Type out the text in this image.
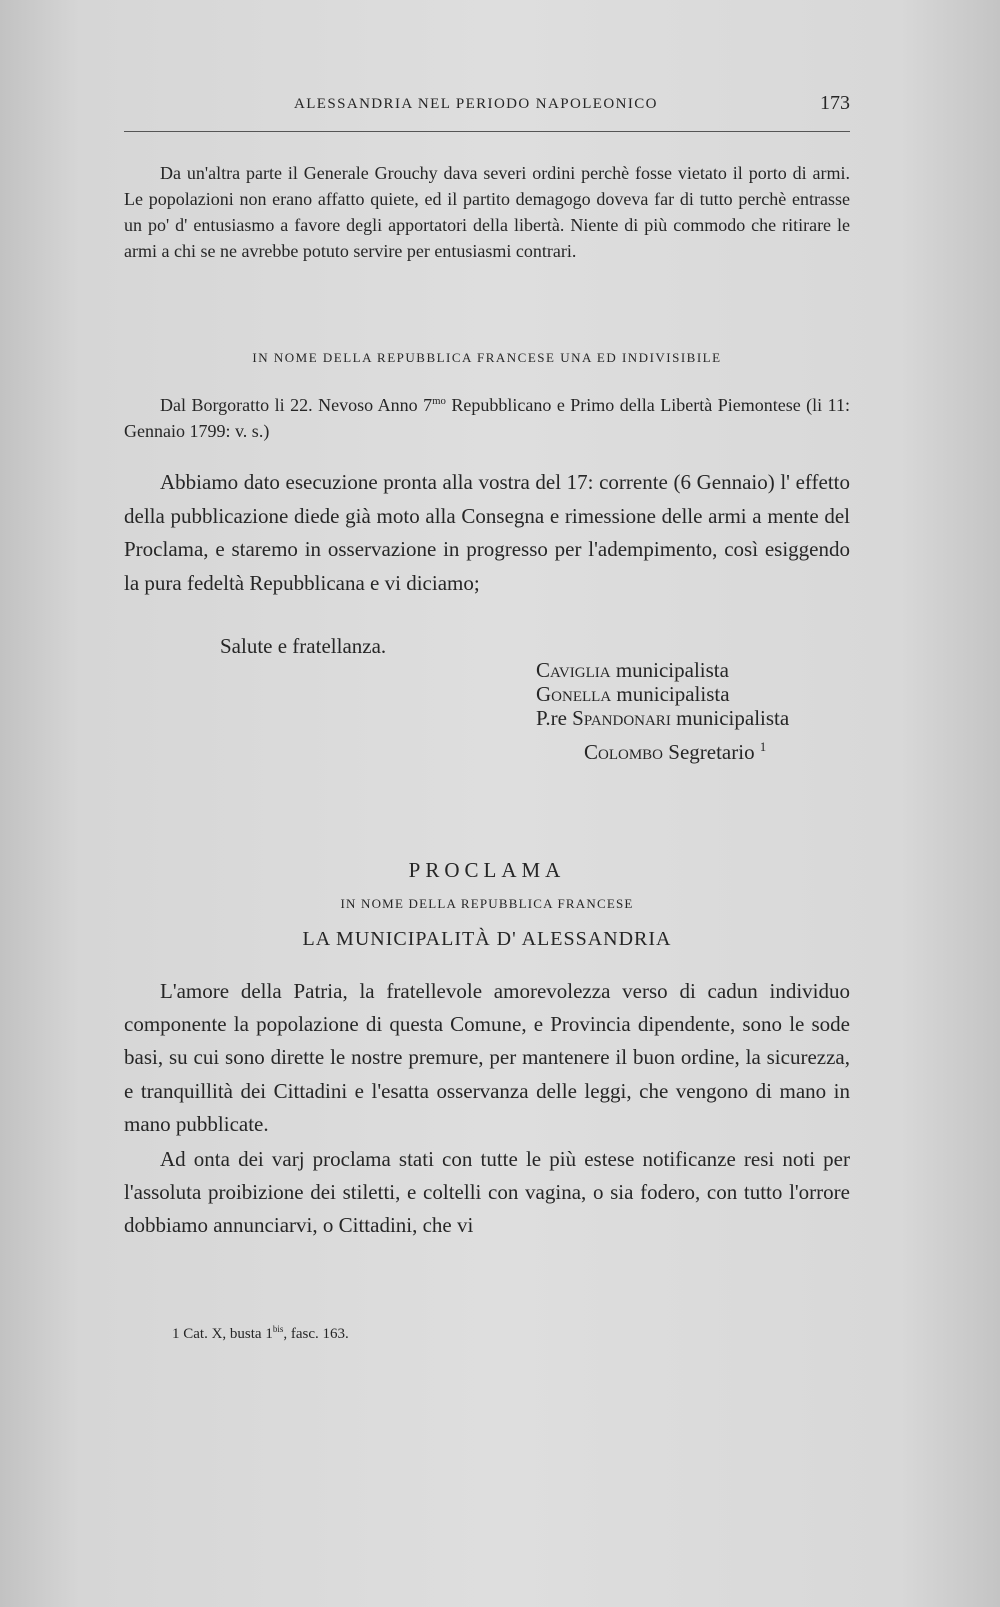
ALESSANDRIA NEL PERIODO NAPOLEONICO	173

Da un'altra parte il Generale Grouchy dava severi ordini perchè fosse vietato il porto di armi. Le popolazioni non erano affatto quiete, ed il partito demagogo doveva far di tutto perchè entrasse un po' d' entusiasmo a favore degli apportatori della libertà. Niente di più commodo che ritirare le armi a chi se ne avrebbe potuto servire per entusiasmi contrari.

IN NOME DELLA REPUBBLICA FRANCESE UNA ED INDIVISIBILE

Dal Borgoratto li 22. Nevoso Anno $7^{mo}$ Repubblicano e Primo della Libertà Piemontese (li 11: Gennaio 1799: v. s.)

Abbiamo dato esecuzione pronta alla vostra del 17: corrente (6 Gennaio) l' effetto della pubblicazione diede già moto alla Consegna e rimessione delle armi a mente del Proclama, e staremo in osservazione in progresso per l'adempimento, così esiggendo la pura fedeltà Repubblicana e vi diciamo;

Salute e fratellanza.
Caviglia municipalista
Gonella municipalista
P.re Spandonari municipalista
Colombo Segretario $^1$
PROCLAMA
IN NOME DELLA REPUBBLICA FRANCESE
LA MUNICIPALITÀ D' ALESSANDRIA

L'amore della Patria, la fratellevole amorevolezza verso di cadun individuo componente la popolazione di questa Comune, e Provincia dipendente, sono le sode basi, su cui sono dirette le nostre premure, per mantenere il buon ordine, la sicurezza, e tranquillità dei Cittadini e l'esatta osservanza delle leggi, che vengono di mano in mano pubblicate.

Ad onta dei varj proclama stati con tutte le più estese notificanze resi noti per l'assoluta proibizione dei stiletti, e coltelli con vagina, o sia fodero, con tutto l'orrore dobbiamo annunciarvi, o Cittadini, che vi

1 Cat. X, busta $1^{bis}$, fasc. 163.
